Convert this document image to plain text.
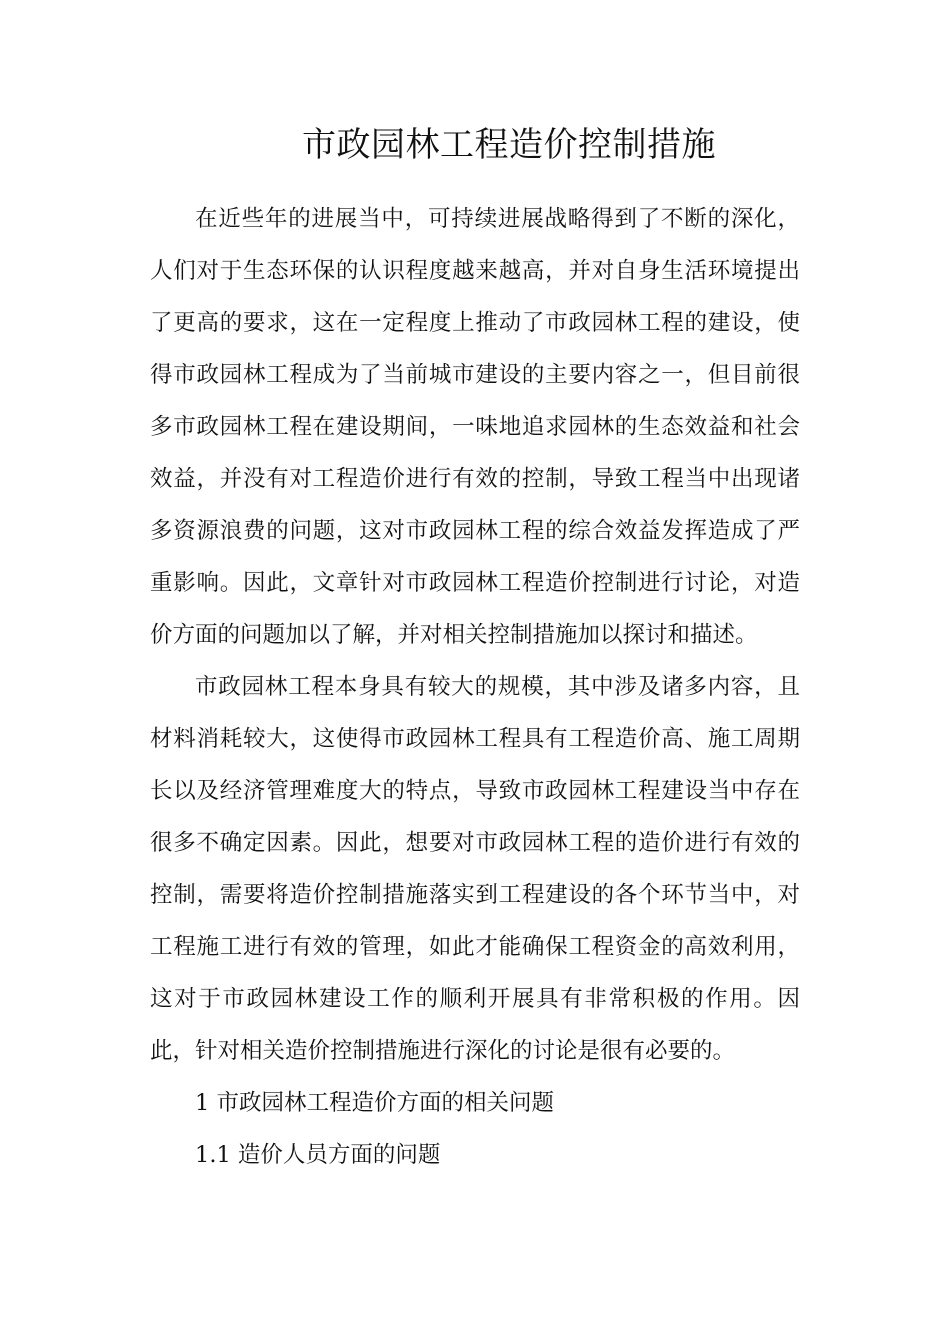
市政园林工程造价控制措施

在近些年的进展当中，可持续进展战略得到了不断的深化，人们对于生态环保的认识程度越来越高，并对自身生活环境提出了更高的要求，这在一定程度上推动了市政园林工程的建设，使得市政园林工程成为了当前城市建设的主要内容之一，但目前很多市政园林工程在建设期间，一味地追求园林的生态效益和社会效益，并没有对工程造价进行有效的控制，导致工程当中出现诸多资源浪费的问题，这对市政园林工程的综合效益发挥造成了严重影响。因此，文章针对市政园林工程造价控制进行讨论，对造价方面的问题加以了解，并对相关控制措施加以探讨和描述。

市政园林工程本身具有较大的规模，其中涉及诸多内容，且材料消耗较大，这使得市政园林工程具有工程造价高、施工周期长以及经济管理难度大的特点，导致市政园林工程建设当中存在很多不确定因素。因此，想要对市政园林工程的造价进行有效的控制，需要将造价控制措施落实到工程建设的各个环节当中，对工程施工进行有效的管理，如此才能确保工程资金的高效利用，这对于市政园林建设工作的顺利开展具有非常积极的作用。因此，针对相关造价控制措施进行深化的讨论是很有必要的。

1 市政园林工程造价方面的相关问题

1.1 造价人员方面的问题
